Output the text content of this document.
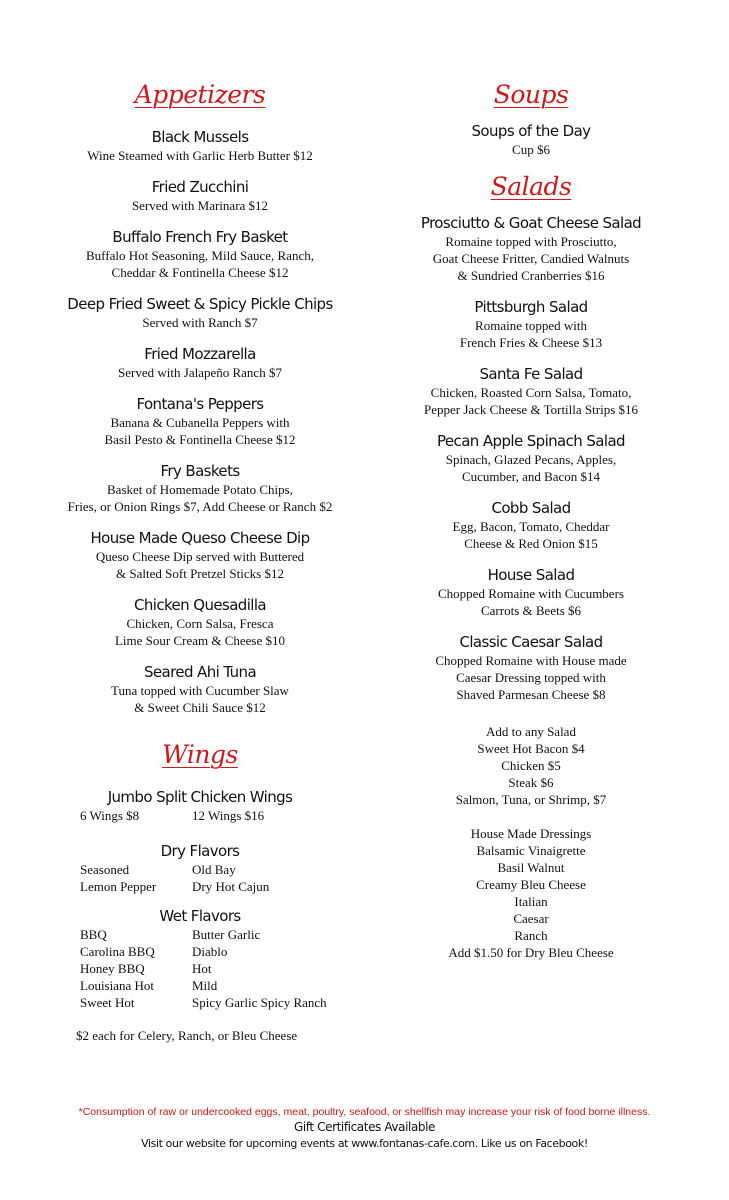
Appetizers
Black Mussels
Wine Steamed with Garlic Herb Butter $12
Fried Zucchini
Served with Marinara $12
Buffalo French Fry Basket
Buffalo Hot Seasoning, Mild Sauce, Ranch,
Cheddar & Fontinella Cheese $12
Deep Fried Sweet & Spicy Pickle Chips
Served with Ranch $7
Fried Mozzarella
Served with Jalapeño Ranch $7
Fontana's Peppers
Banana & Cubanella Peppers with
Basil Pesto & Fontinella Cheese $12
Fry Baskets
Basket of Homemade Potato Chips,
Fries, or Onion Rings $7, Add Cheese or Ranch $2
House Made Queso Cheese Dip
Queso Cheese Dip served with Buttered
& Salted Soft Pretzel Sticks $12
Chicken Quesadilla
Chicken, Corn Salsa, Fresca
Lime Sour Cream & Cheese $10
Seared Ahi Tuna
Tuna topped with Cucumber Slaw
& Sweet Chili Sauce $12
Wings
Jumbo Split Chicken Wings
6 Wings $8	12 Wings $16
Dry Flavors
Seasoned	Old Bay
Lemon Pepper	Dry Hot Cajun
Wet Flavors
BBQ	Butter Garlic
Carolina BBQ	Diablo
Honey BBQ	Hot
Louisiana Hot	Mild
Sweet Hot	Spicy Garlic Spicy Ranch
$2 each for Celery, Ranch, or Bleu Cheese
Soups
Soups of the Day
Cup $6
Salads
Prosciutto & Goat Cheese Salad
Romaine topped with Prosciutto,
Goat Cheese Fritter, Candied Walnuts
& Sundried Cranberries $16
Pittsburgh Salad
Romaine topped with
French Fries & Cheese $13
Santa Fe Salad
Chicken, Roasted Corn Salsa, Tomato,
Pepper Jack Cheese & Tortilla Strips $16
Pecan Apple Spinach Salad
Spinach, Glazed Pecans, Apples,
Cucumber, and Bacon $14
Cobb Salad
Egg, Bacon, Tomato, Cheddar
Cheese & Red Onion $15
House Salad
Chopped Romaine with Cucumbers
Carrots & Beets $6
Classic Caesar Salad
Chopped Romaine with House made
Caesar Dressing topped with
Shaved Parmesan Cheese $8
Add to any Salad
Sweet Hot Bacon $4
Chicken $5
Steak $6
Salmon, Tuna, or Shrimp, $7
House Made Dressings
Balsamic Vinaigrette
Basil Walnut
Creamy Bleu Cheese
Italian
Caesar
Ranch
Add $1.50 for Dry Bleu Cheese
*Consumption of raw or undercooked eggs, meat, poultry, seafood, or shellfish may increase your risk of food borne illness.
Gift Certificates Available
Visit our website for upcoming events at www.fontanas-cafe.com. Like us on Facebook!
